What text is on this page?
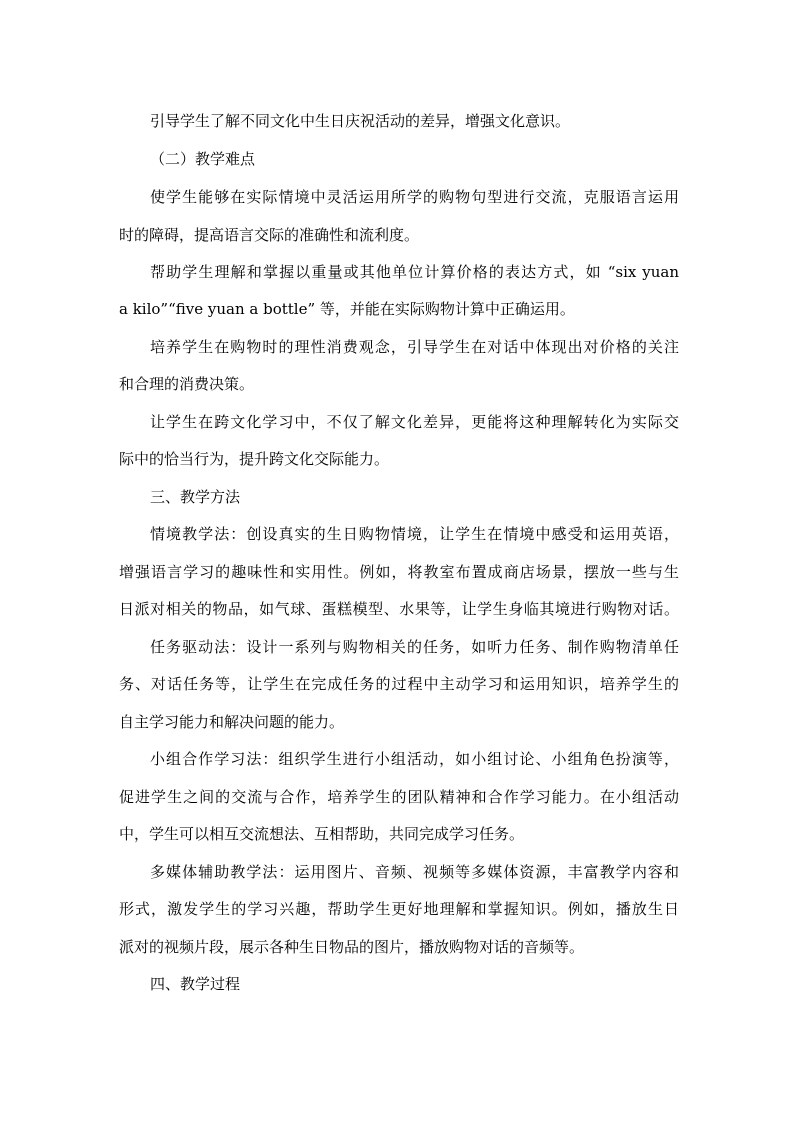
引导学生了解不同文化中生日庆祝活动的差异，增强文化意识。
（二）教学难点
使学生能够在实际情境中灵活运用所学的购物句型进行交流，克服语言运用
时的障碍，提高语言交际的准确性和流利度。
帮助学生理解和掌握以重量或其他单位计算价格的表达方式，如 “six yuan
a kilo”“five yuan a bottle” 等，并能在实际购物计算中正确运用。
培养学生在购物时的理性消费观念，引导学生在对话中体现出对价格的关注
和合理的消费决策。
让学生在跨文化学习中，不仅了解文化差异，更能将这种理解转化为实际交
际中的恰当行为，提升跨文化交际能力。
三、教学方法
情境教学法：创设真实的生日购物情境，让学生在情境中感受和运用英语，
增强语言学习的趣味性和实用性。例如，将教室布置成商店场景，摆放一些与生
日派对相关的物品，如气球、蛋糕模型、水果等，让学生身临其境进行购物对话。
任务驱动法：设计一系列与购物相关的任务，如听力任务、制作购物清单任
务、对话任务等，让学生在完成任务的过程中主动学习和运用知识，培养学生的
自主学习能力和解决问题的能力。
小组合作学习法：组织学生进行小组活动，如小组讨论、小组角色扮演等，
促进学生之间的交流与合作，培养学生的团队精神和合作学习能力。在小组活动
中，学生可以相互交流想法、互相帮助，共同完成学习任务。
多媒体辅助教学法：运用图片、音频、视频等多媒体资源，丰富教学内容和
形式，激发学生的学习兴趣，帮助学生更好地理解和掌握知识。例如，播放生日
派对的视频片段，展示各种生日物品的图片，播放购物对话的音频等。
四、教学过程
